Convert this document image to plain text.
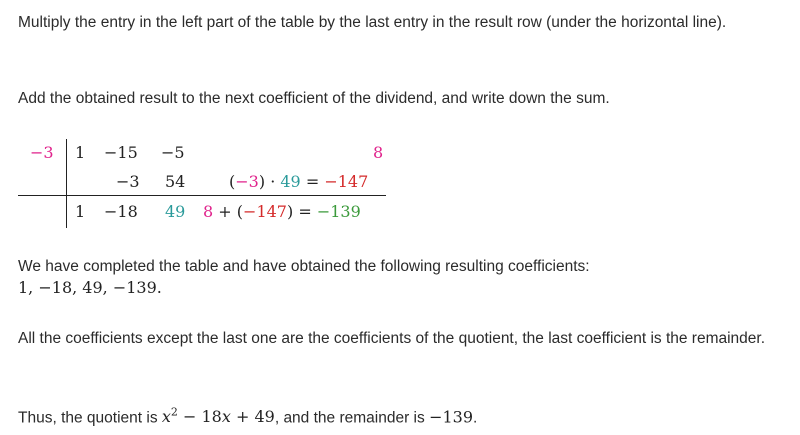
Multiply the entry in the left part of the table by the last entry in the result row (under the horizontal line).
Add the obtained result to the next coefficient of the dividend, and write down the sum.
−3 1 −15 −5	8
−3 54	(−3) · 49 = −147
1 −18 49 8 + (−147) = −139
We have completed the table and have obtained the following resulting coefficients:
1, −18, 49, −139.
All the coefficients except the last one are the coefficients of the quotient, the last coefficient is the remainder.
Thus, the quotient is $x^2 - 18x + 49$, and the remainder is −139.
